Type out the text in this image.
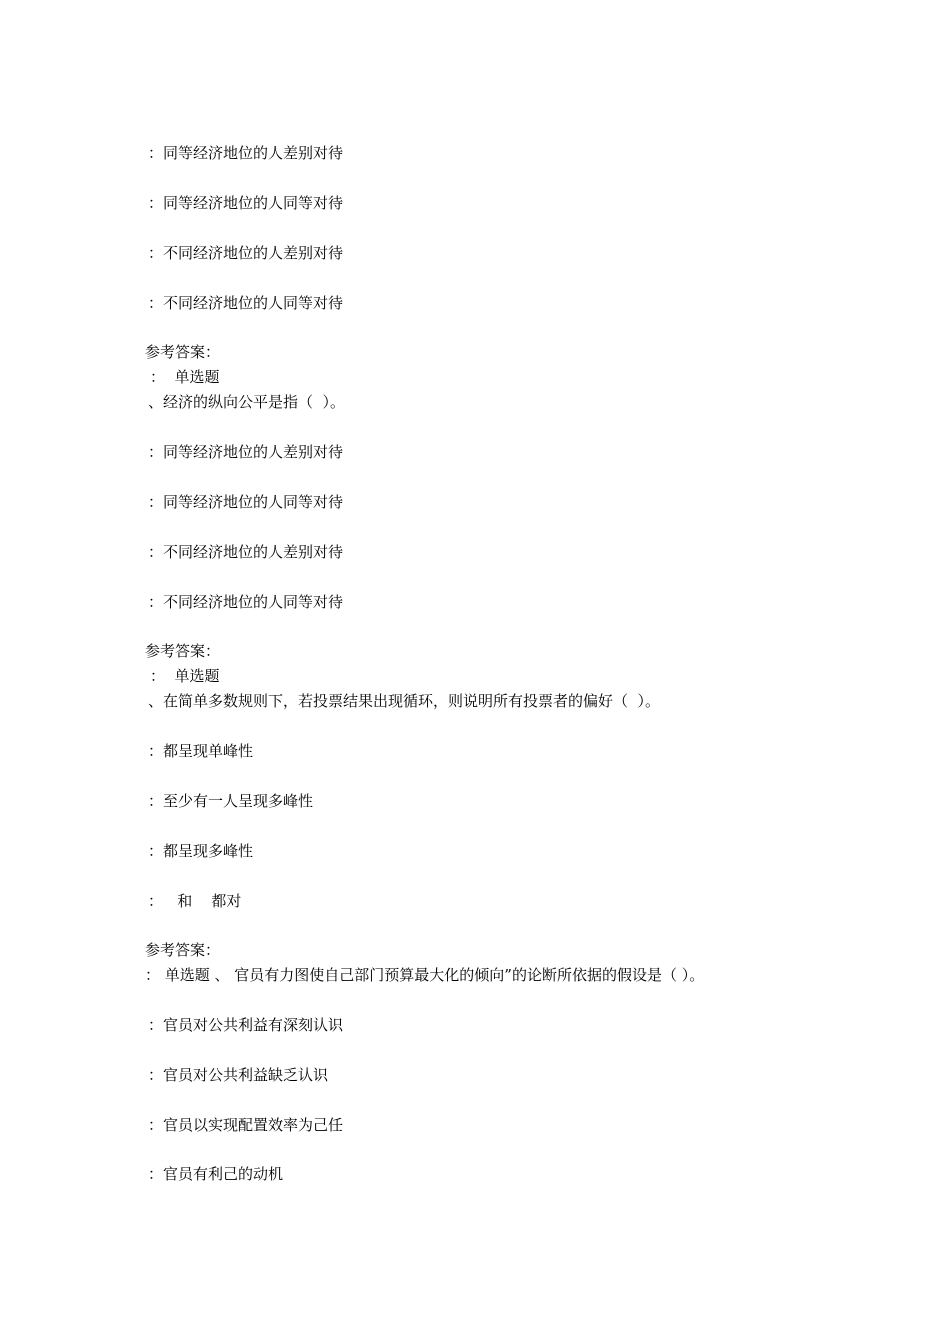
：同等经济地位的人差别对待
：同等经济地位的人同等对待
：不同经济地位的人差别对待
：不同经济地位的人同等对待
参考答案：
：  单选题
、经济的纵向公平是指（  ）。
：同等经济地位的人差别对待
：同等经济地位的人同等对待
：不同经济地位的人差别对待
：不同经济地位的人同等对待
参考答案：
：  单选题
、在简单多数规则下，若投票结果出现循环，则说明所有投票者的偏好（  ）。
：都呈现单峰性
：至少有一人呈现多峰性
：都呈现多峰性
：   和    都对
参考答案：
： 单选题 、 官员有力图使自己部门预算最大化的倾向”的论断所依据的假设是（ ）。
：官员对公共利益有深刻认识
：官员对公共利益缺乏认识
：官员以实现配置效率为己任
：官员有利己的动机
